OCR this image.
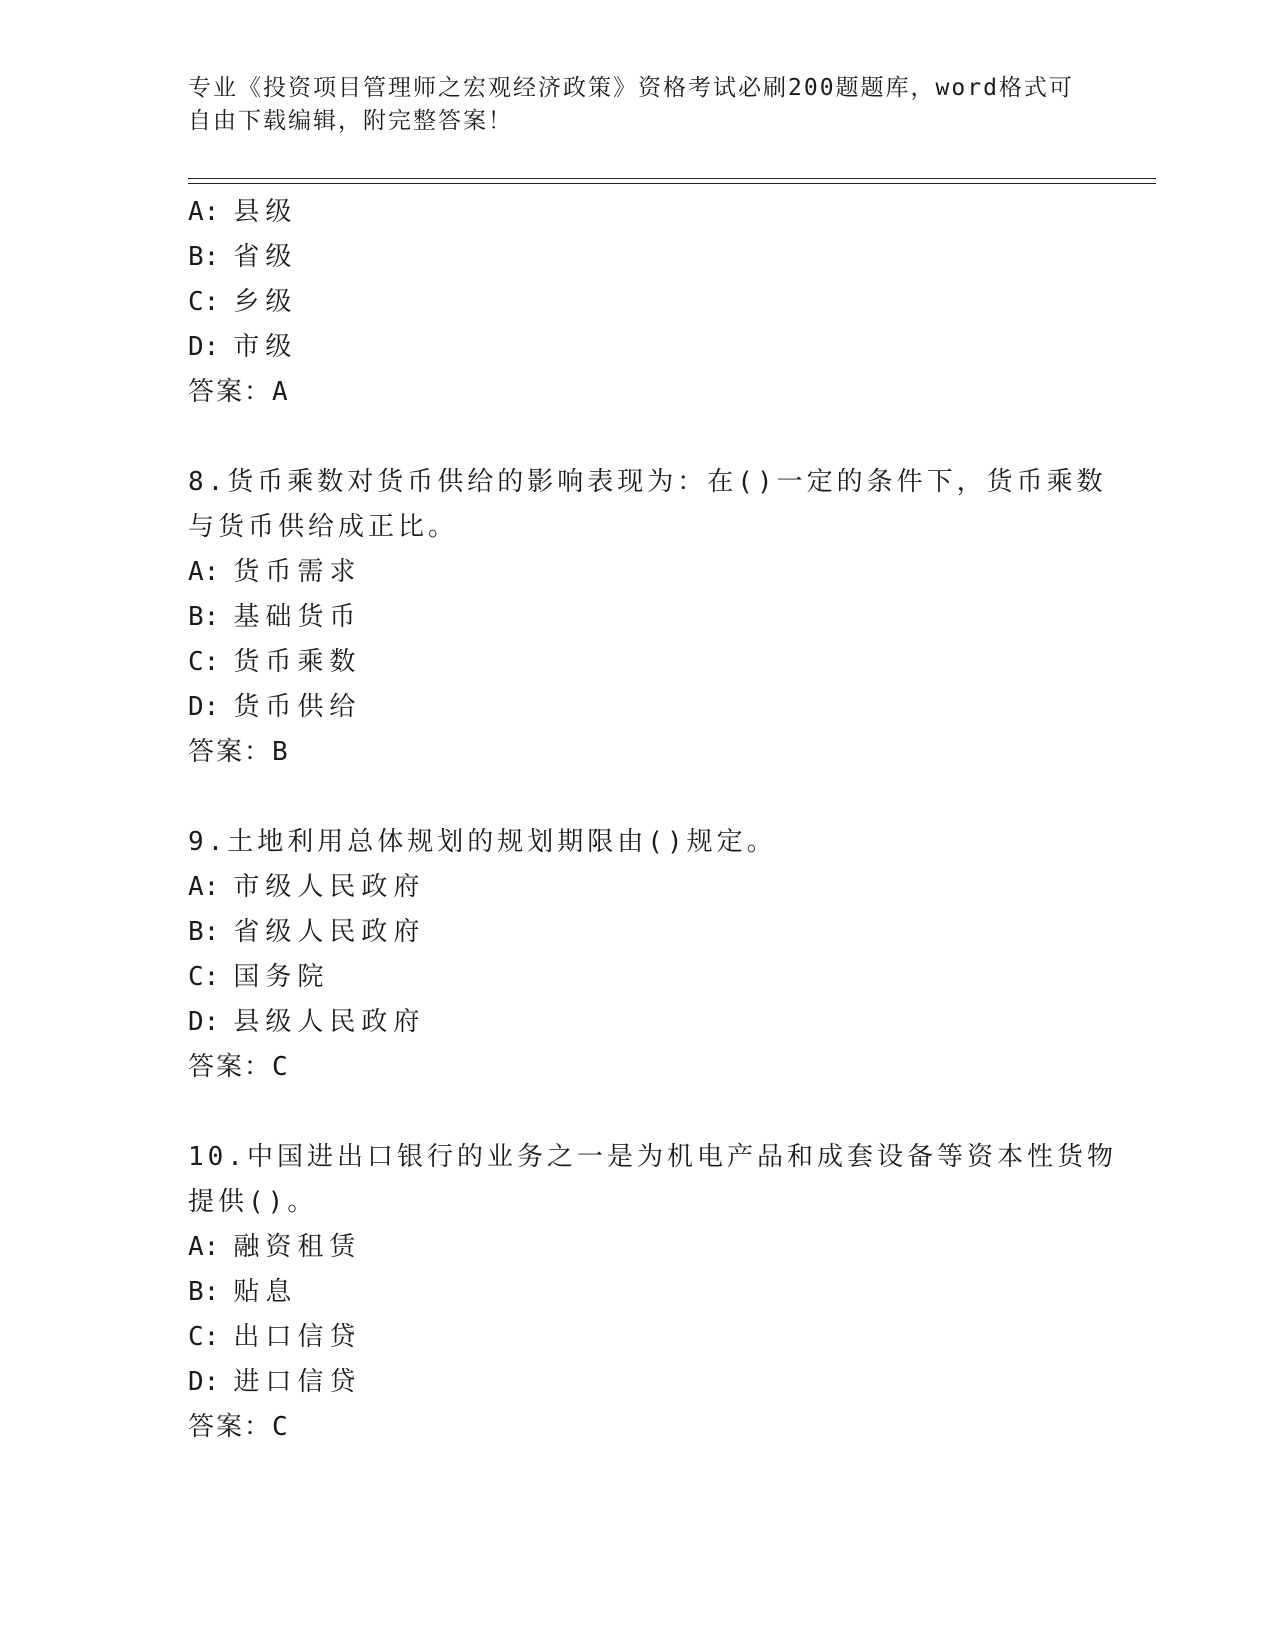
专业《投资项目管理师之宏观经济政策》资格考试必刷200题题库，word格式可
自由下载编辑，附完整答案！
A: 县级
B: 省级
C: 乡级
D: 市级
答案：A
8.货币乘数对货币供给的影响表现为：在()一定的条件下，货币乘数
与货币供给成正比。
A: 货币需求
B: 基础货币
C: 货币乘数
D: 货币供给
答案：B
9.土地利用总体规划的规划期限由()规定。
A: 市级人民政府
B: 省级人民政府
C: 国务院
D: 县级人民政府
答案：C
10.中国进出口银行的业务之一是为机电产品和成套设备等资本性货物
提供()。
A: 融资租赁
B: 贴息
C: 出口信贷
D: 进口信贷
答案：C
